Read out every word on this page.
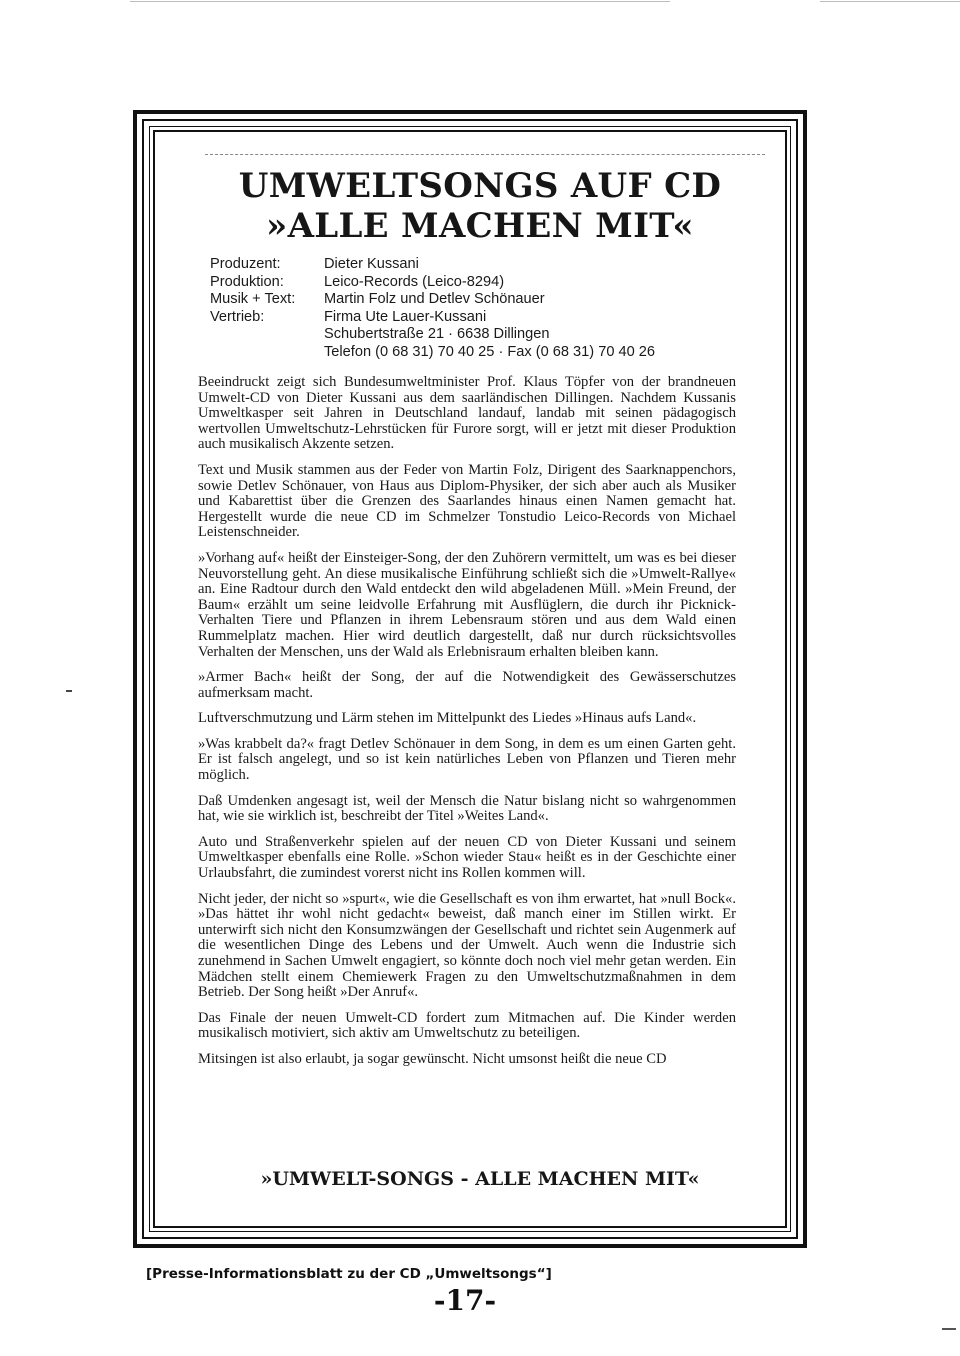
UMWELTSONGS AUF CD
»ALLE MACHEN MIT«
Produzent:	Dieter Kussani
Produktion:	Leico-Records (Leico-8294)
Musik + Text:	Martin Folz und Detlev Schönauer
Vertrieb:	Firma Ute Lauer-Kussani
Schubertstraße 21 · 6638 Dillingen
Telefon (0 68 31) 70 40 25 · Fax (0 68 31) 70 40 26

Beeindruckt zeigt sich Bundesumweltminister Prof. Klaus Töpfer von der brandneuen Umwelt-CD von Dieter Kussani aus dem saarländischen Dillingen. Nachdem Kussanis Umweltkasper seit Jahren in Deutschland landauf, landab mit seinen pädagogisch wertvollen Umweltschutz-Lehrstücken für Furore sorgt, will er jetzt mit dieser Produktion auch musikalisch Akzente setzen.

Text und Musik stammen aus der Feder von Martin Folz, Dirigent des Saarknappenchors, sowie Detlev Schönauer, von Haus aus Diplom-Physiker, der sich aber auch als Musiker und Kabarettist über die Grenzen des Saarlandes hinaus einen Namen gemacht hat. Hergestellt wurde die neue CD im Schmelzer Tonstudio Leico-Records von Michael Leistenschneider.

»Vorhang auf« heißt der Einsteiger-Song, der den Zuhörern vermittelt, um was es bei dieser Neuvorstellung geht. An diese musikalische Einführung schließt sich die »Umwelt-Rallye« an. Eine Radtour durch den Wald entdeckt den wild abgeladenen Müll. »Mein Freund, der Baum« erzählt um seine leidvolle Erfahrung mit Ausflüglern, die durch ihr Picknick-Verhalten Tiere und Pflanzen in ihrem Lebensraum stören und aus dem Wald einen Rummelplatz machen. Hier wird deutlich dargestellt, daß nur durch rücksichtsvolles Verhalten der Menschen, uns der Wald als Erlebnisraum erhalten bleiben kann.

»Armer Bach« heißt der Song, der auf die Notwendigkeit des Gewässerschutzes aufmerksam macht.

Luftverschmutzung und Lärm stehen im Mittelpunkt des Liedes »Hinaus aufs Land«.

»Was krabbelt da?« fragt Detlev Schönauer in dem Song, in dem es um einen Garten geht. Er ist falsch angelegt, und so ist kein natürliches Leben von Pflanzen und Tieren mehr möglich.

Daß Umdenken angesagt ist, weil der Mensch die Natur bislang nicht so wahrgenommen hat, wie sie wirklich ist, beschreibt der Titel »Weites Land«.

Auto und Straßenverkehr spielen auf der neuen CD von Dieter Kussani und seinem Umweltkasper ebenfalls eine Rolle. »Schon wieder Stau« heißt es in der Geschichte einer Urlaubsfahrt, die zumindest vorerst nicht ins Rollen kommen will.

Nicht jeder, der nicht so »spurt«, wie die Gesellschaft es von ihm erwartet, hat »null Bock«. »Das hättet ihr wohl nicht gedacht« beweist, daß manch einer im Stillen wirkt. Er unterwirft sich nicht den Konsumzwängen der Gesellschaft und richtet sein Augenmerk auf die wesentlichen Dinge des Lebens und der Umwelt. Auch wenn die Industrie sich zunehmend in Sachen Umwelt engagiert, so könnte doch noch viel mehr getan werden. Ein Mädchen stellt einem Chemiewerk Fragen zu den Umweltschutzmaßnahmen in dem Betrieb. Der Song heißt »Der Anruf«.

Das Finale der neuen Umwelt-CD fordert zum Mitmachen auf. Die Kinder werden musikalisch motiviert, sich aktiv am Umweltschutz zu beteiligen.

Mitsingen ist also erlaubt, ja sogar gewünscht. Nicht umsonst heißt die neue CD

»UMWELT-SONGS - ALLE MACHEN MIT«
[Presse-Informationsblatt zu der CD „Umweltsongs“]
-17-
